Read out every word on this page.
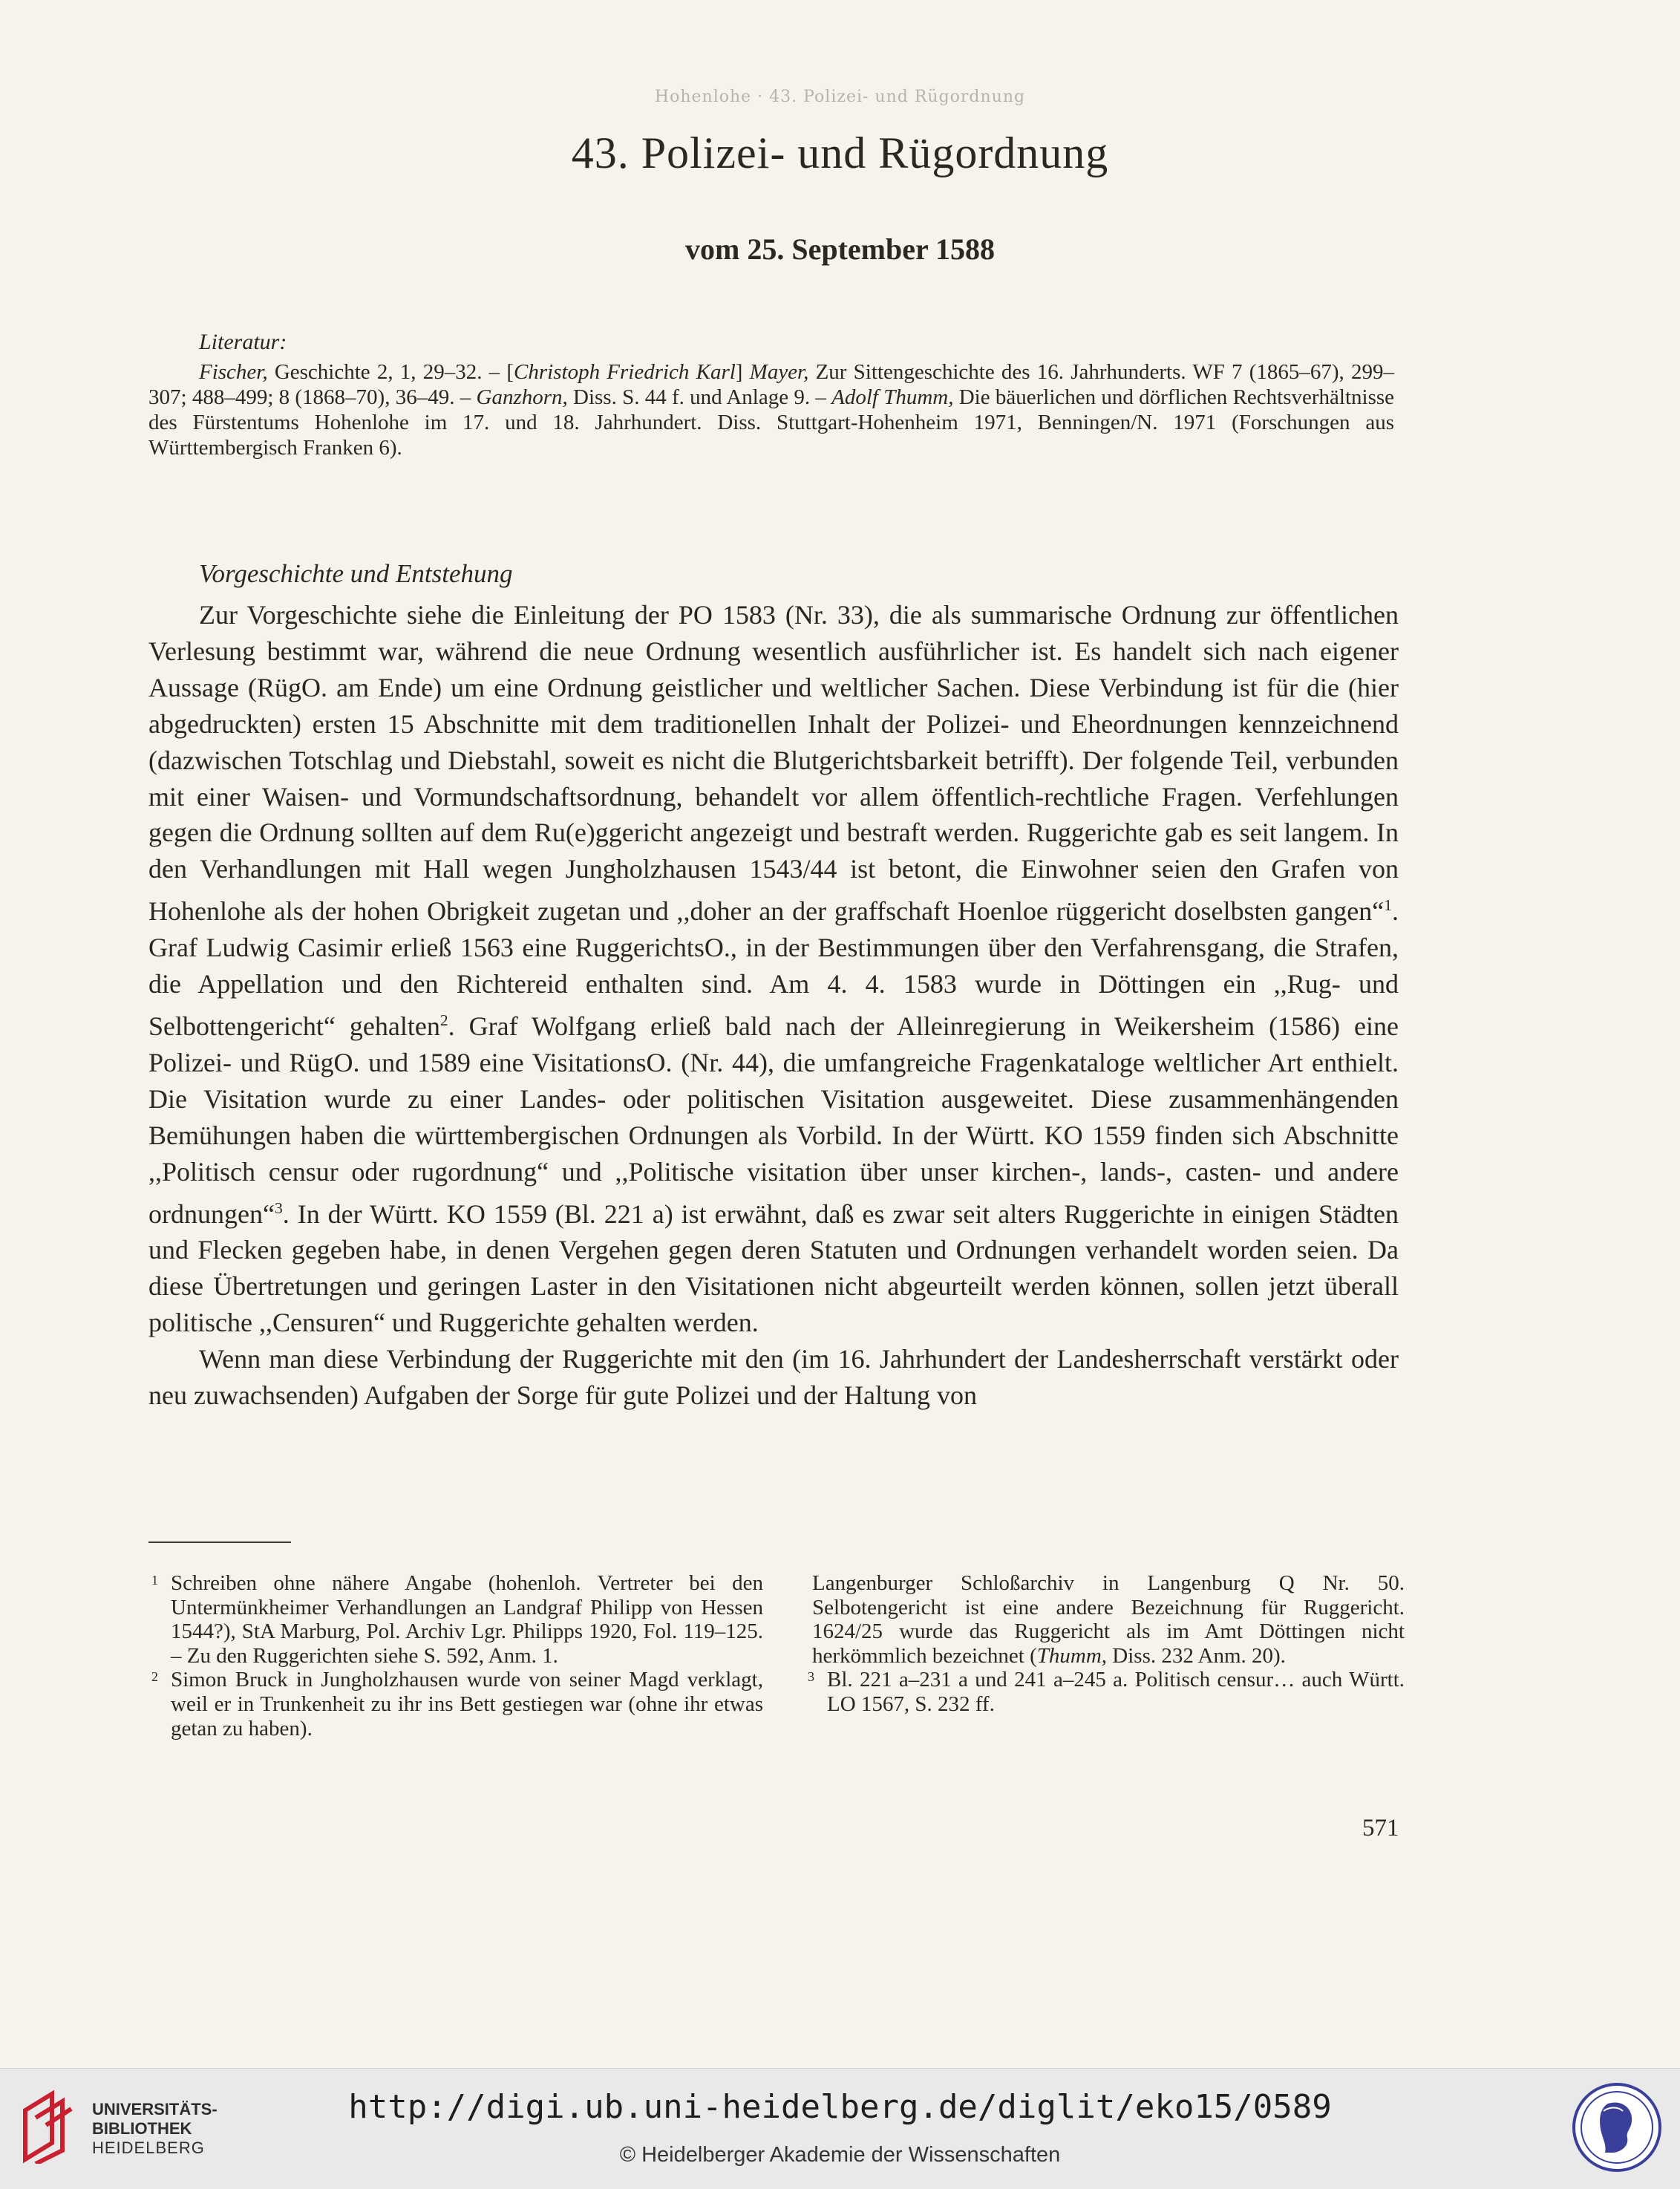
Hohenlohe · 43. Polizei- und Rügordnung
43. Polizei- und Rügordnung
vom 25. September 1588
Literatur:

Fischer, Geschichte 2, 1, 29–32. – [Christoph Friedrich Karl] Mayer, Zur Sittengeschichte des 16. Jahrhunderts. WF 7 (1865–67), 299–307; 488–499; 8 (1868–70), 36–49. – Ganzhorn, Diss. S. 44 f. und Anlage 9. – Adolf Thumm, Die bäuerlichen und dörflichen Rechtsverhältnisse des Fürstentums Hohenlohe im 17. und 18. Jahrhundert. Diss. Stuttgart-Hohenheim 1971, Benningen/N. 1971 (Forschungen aus Württembergisch Franken 6).

Vorgeschichte und Entstehung

Zur Vorgeschichte siehe die Einleitung der PO 1583 (Nr. 33), die als summarische Ordnung zur öffentlichen Verlesung bestimmt war, während die neue Ordnung wesentlich ausführlicher ist. Es handelt sich nach eigener Aussage (RügO. am Ende) um eine Ordnung geistlicher und weltlicher Sachen. Diese Verbindung ist für die (hier abgedruckten) ersten 15 Abschnitte mit dem traditionellen Inhalt der Polizei- und Eheordnungen kennzeichnend (dazwischen Totschlag und Diebstahl, soweit es nicht die Blutgerichtsbarkeit betrifft). Der folgende Teil, verbunden mit einer Waisen- und Vormundschaftsordnung, behandelt vor allem öffentlich-rechtliche Fragen. Verfehlungen gegen die Ordnung sollten auf dem Ru(e)ggericht angezeigt und bestraft werden. Ruggerichte gab es seit langem. In den Verhandlungen mit Hall wegen Jungholzhausen 1543/44 ist betont, die Einwohner seien den Grafen von Hohenlohe als der hohen Obrigkeit zugetan und ,,doher an der graffschaft Hoenloe rüggericht doselbsten gangen“$^1$. Graf Ludwig Casimir erließ 1563 eine RuggerichtsO., in der Bestimmungen über den Verfahrensgang, die Strafen, die Appellation und den Richtereid enthalten sind. Am 4. 4. 1583 wurde in Döttingen ein ,,Rug- und Selbottengericht“ gehalten$^2$. Graf Wolfgang erließ bald nach der Alleinregierung in Weikersheim (1586) eine Polizei- und RügO. und 1589 eine VisitationsO. (Nr. 44), die umfangreiche Fragenkataloge weltlicher Art enthielt. Die Visitation wurde zu einer Landes- oder politischen Visitation ausgeweitet. Diese zusammenhängenden Bemühungen haben die württembergischen Ordnungen als Vorbild. In der Württ. KO 1559 finden sich Abschnitte ,,Politisch censur oder rugordnung“ und ,,Politische visitation über unser kirchen-, lands-, casten- und andere ordnungen“$^3$. In der Württ. KO 1559 (Bl. 221 a) ist erwähnt, daß es zwar seit alters Ruggerichte in einigen Städten und Flecken gegeben habe, in denen Vergehen gegen deren Statuten und Ordnungen verhandelt worden seien. Da diese Übertretungen und geringen Laster in den Visitationen nicht abgeurteilt werden können, sollen jetzt überall politische ,,Censuren“ und Ruggerichte gehalten werden.

Wenn man diese Verbindung der Ruggerichte mit den (im 16. Jahrhundert der Landesherrschaft verstärkt oder neu zuwachsenden) Aufgaben der Sorge für gute Polizei und der Haltung von

1 Schreiben ohne nähere Angabe (hohenloh. Vertreter bei den Untermünkheimer Verhandlungen an Landgraf Philipp von Hessen 1544?), StA Marburg, Pol. Archiv Lgr. Philipps 1920, Fol. 119–125. – Zu den Ruggerichten siehe S. 592, Anm. 1.

2 Simon Bruck in Jungholzhausen wurde von seiner Magd verklagt, weil er in Trunkenheit zu ihr ins Bett gestiegen war (ohne ihr etwas getan zu haben).

Langenburger Schloßarchiv in Langenburg Q Nr. 50. Selbotengericht ist eine andere Bezeichnung für Ruggericht. 1624/25 wurde das Ruggericht als im Amt Döttingen nicht herkömmlich bezeichnet (Thumm, Diss. 232 Anm. 20).

3 Bl. 221 a–231 a und 241 a–245 a. Politisch censur… auch Württ. LO 1567, S. 232 ff.

571
UNIVERSITÄTS-
BIBLIOTHEK
HEIDELBERG
http://digi.ub.uni-heidelberg.de/diglit/eko15/0589
© Heidelberger Akademie der Wissenschaften
